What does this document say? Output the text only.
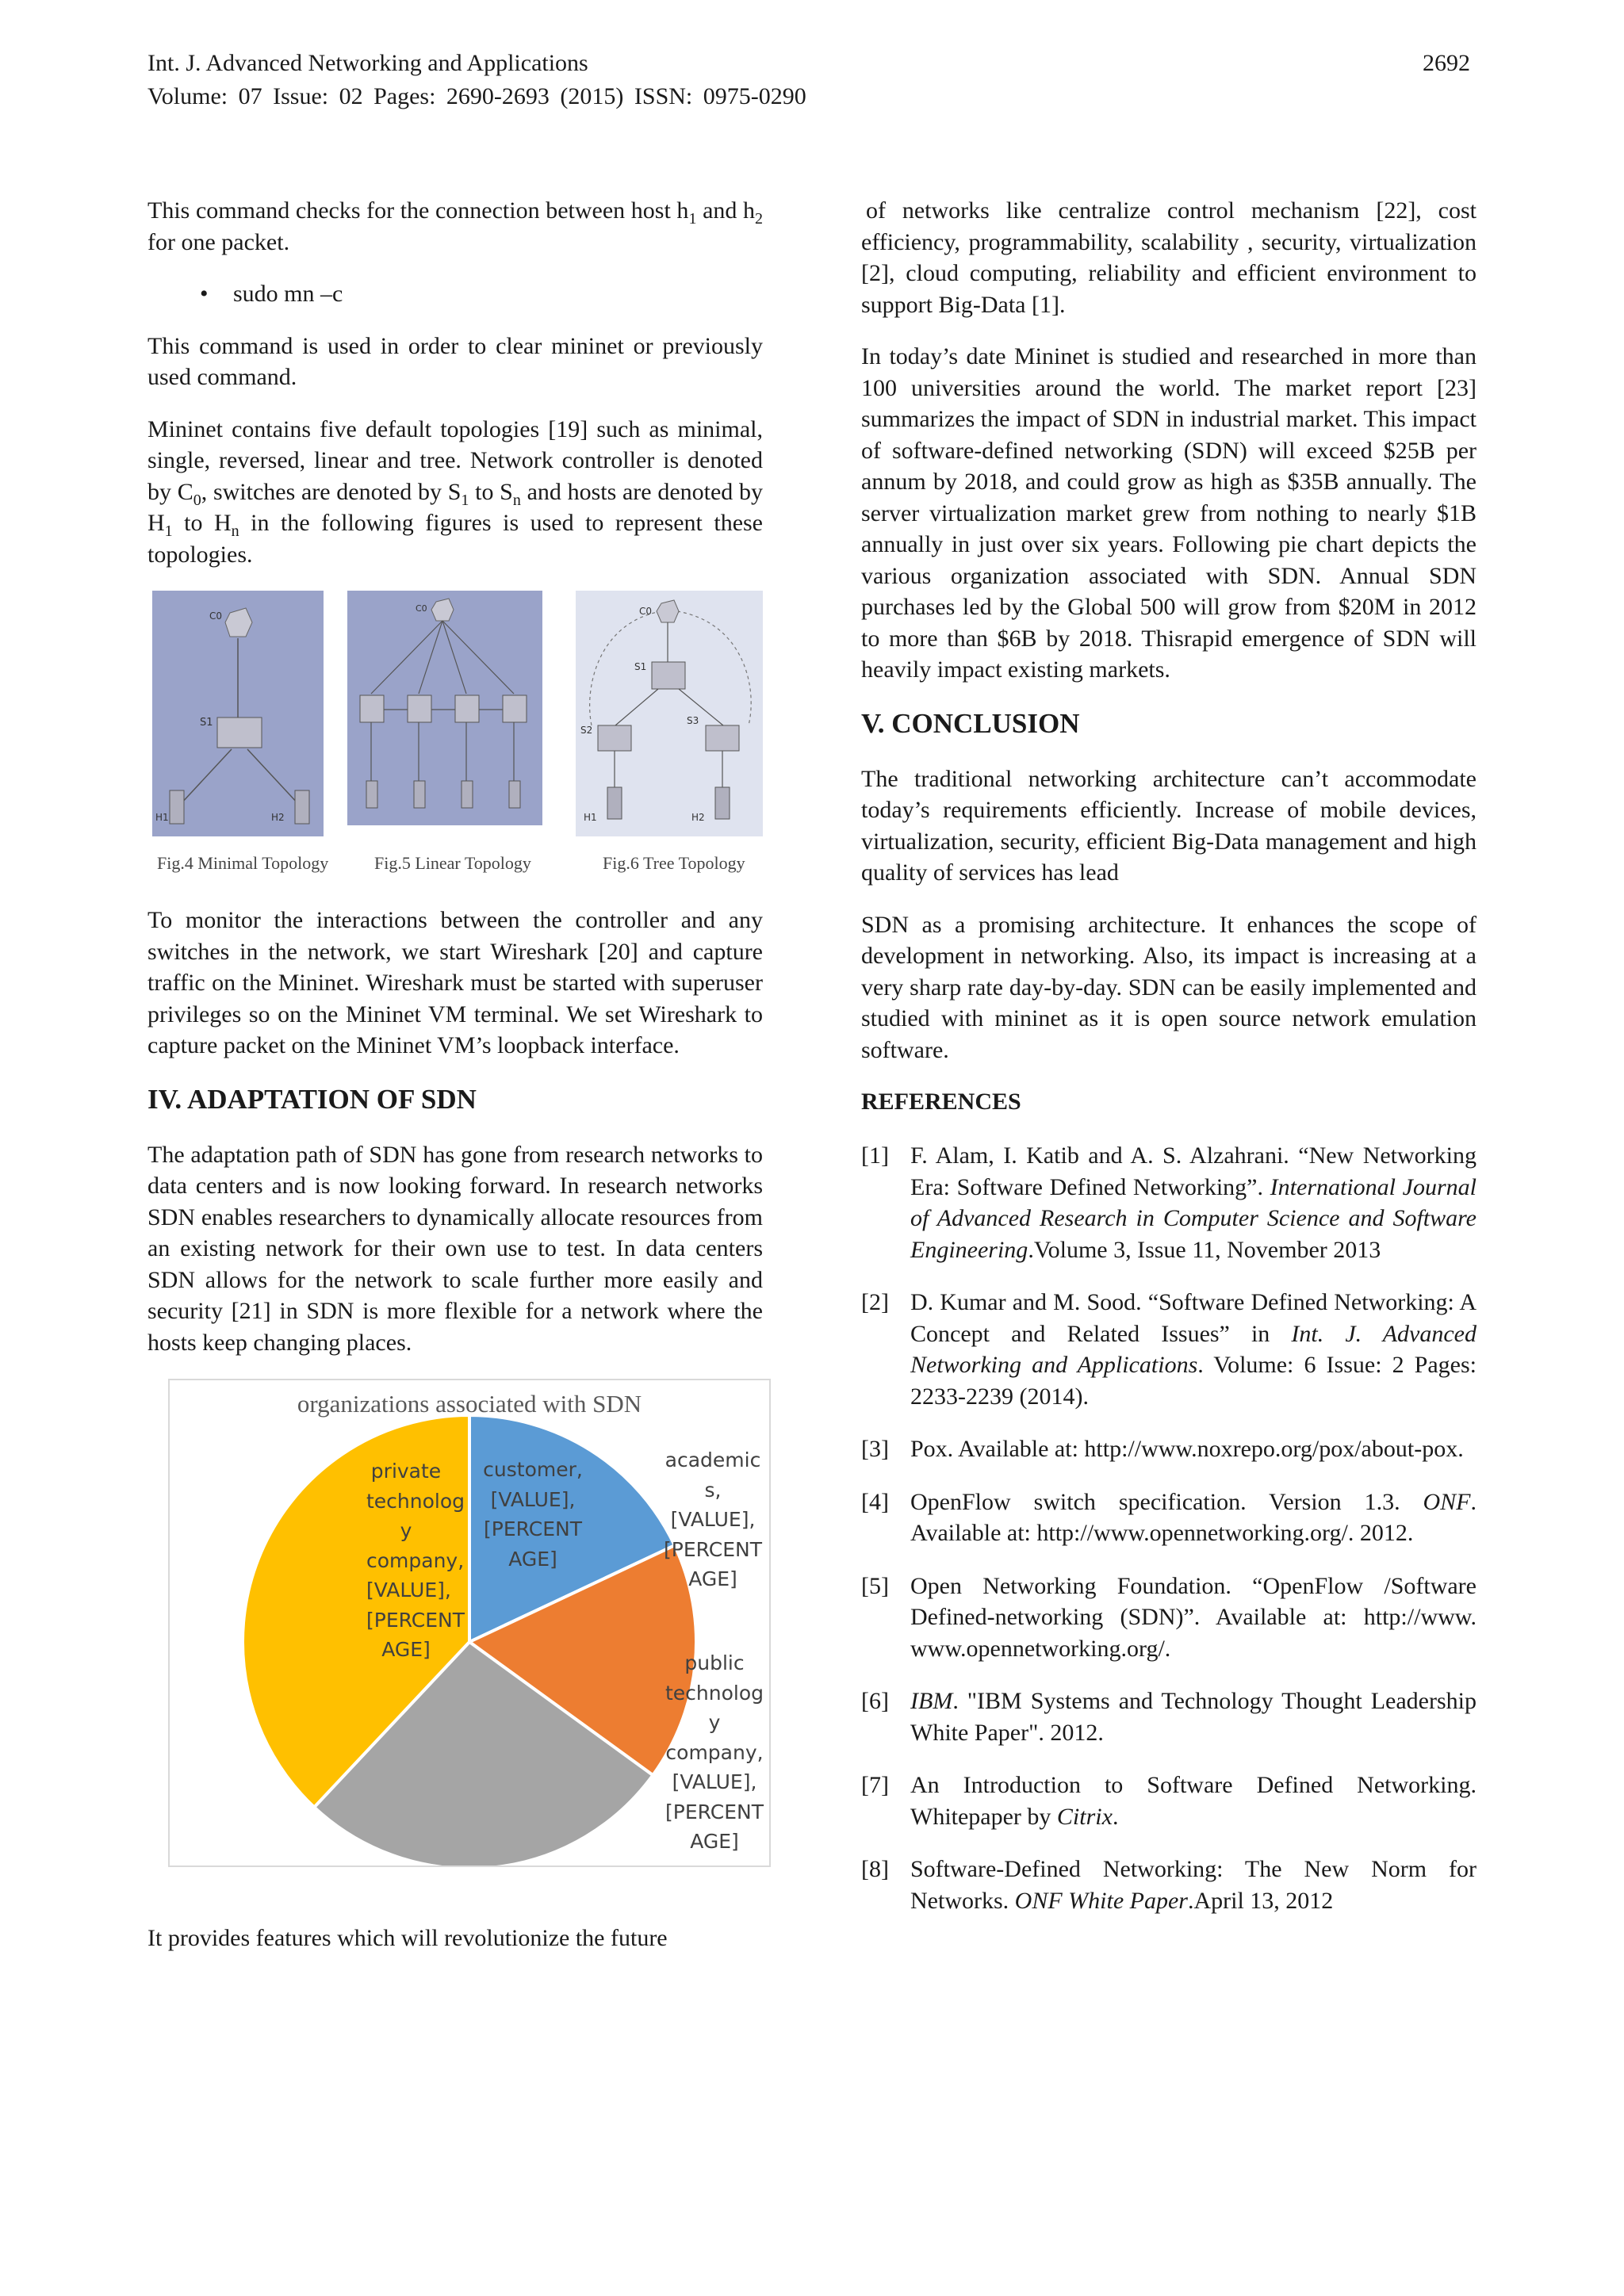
Int. J. Advanced Networking and Applications	2692
Volume: 07 Issue: 02 Pages: 2690-2693 (2015) ISSN: 0975-0290

This command checks for the connection between host $h_1$ and $h_2$ for one packet.

• sudo mn –c

This command is used in order to clear mininet or previously used command.

Mininet contains five default topologies [19] such as minimal, single, reversed, linear and tree. Network controller is denoted by $C_0$, switches are denoted by $S_1$ to $S_n$ and hosts are denoted by $H_1$ to $H_n$ in the following figures is used to represent these topologies.

C0
S1
H1	H2
Fig.4 Minimal Topology
C0
Fig.5 Linear Topology
C0
S1
S2
S3
H1	H2
Fig.6 Tree Topology

To monitor the interactions between the controller and any switches in the network, we start Wireshark [20] and capture traffic on the Mininet. Wireshark must be started with superuser privileges so on the Mininet VM terminal. We set Wireshark to capture packet on the Mininet VM’s loopback interface.

IV. ADAPTATION OF SDN

The adaptation path of SDN has gone from research networks to data centers and is now looking forward. In research networks SDN enables researchers to dynamically allocate resources from an existing network for their own use to test. In data centers SDN allows for the network to scale further more easily and security [21] in SDN is more flexible for a network where the hosts keep changing places.

organizations associated with SDN
private
technolog
y
company,
[VALUE],
[PERCENT
AGE]
customer,
[VALUE],
[PERCENT
AGE]
academic
s,
[VALUE],
[PERCENT
AGE]
public
technolog
y
company,
[VALUE],
[PERCENT
AGE]

It provides features which will revolutionize the future

of networks like centralize control mechanism [22], cost efficiency, programmability, scalability , security, virtualization [2], cloud computing, reliability and efficient environment to support Big-Data [1].

In today’s date Mininet is studied and researched in more than 100 universities around the world. The market report [23] summarizes the impact of SDN in industrial market. This impact of software-defined networking (SDN) will exceed $25B per annum by 2018, and could grow as high as $35B annually. The server virtualization market grew from nothing to nearly $1B annually in just over six years. Following pie chart depicts the various organization associated with SDN. Annual SDN purchases led by the Global 500 will grow from $20M in 2012 to more than $6B by 2018. Thisrapid emergence of SDN will heavily impact existing markets.

V. CONCLUSION

The traditional networking architecture can’t accommodate today’s requirements efficiently. Increase of mobile devices, virtualization, security, efficient Big-Data management and high quality of services has lead

SDN as a promising architecture. It enhances the scope of development in networking. Also, its impact is increasing at a very sharp rate day-by-day. SDN can be easily implemented and studied with mininet as it is open source network emulation software.

REFERENCES
[1] F. Alam, I. Katib and A. S. Alzahrani. “New Networking Era: Software Defined Networking”. International Journal of Advanced Research in Computer Science and Software Engineering.Volume 3, Issue 11, November 2013
[2] D. Kumar and M. Sood. “Software Defined Networking: A Concept and Related Issues” in Int. J. Advanced Networking and Applications. Volume: 6 Issue: 2 Pages: 2233-2239 (2014).
[3] Pox. Available at: http://www.noxrepo.org/pox/about-pox.
[4] OpenFlow switch specification. Version 1.3. ONF. Available at: http://www.opennetworking.org/. 2012.
[5] Open Networking Foundation. “OpenFlow /Software Defined-networking (SDN)”. Available at: http://www. www.opennetworking.org/.
[6] IBM. "IBM Systems and Technology Thought Leadership White Paper". 2012.
[7] An Introduction to Software Defined Networking. Whitepaper by Citrix.
[8] Software-Defined Networking: The New Norm for Networks. ONF White Paper.April 13, 2012
